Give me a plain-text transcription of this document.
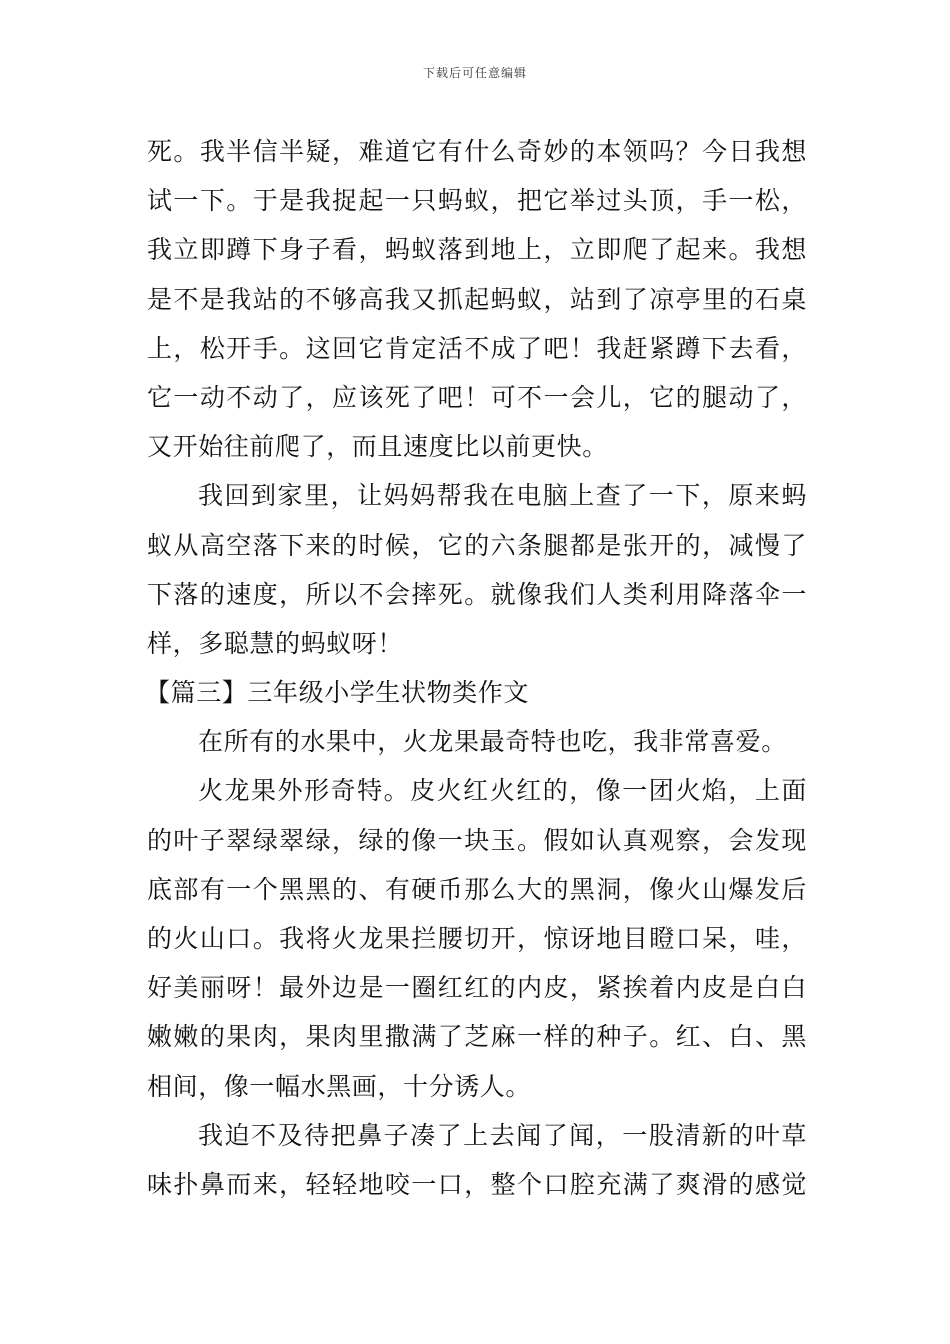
下载后可任意编辑
死。我半信半疑，难道它有什么奇妙的本领吗？今日我想
试一下。于是我捉起一只蚂蚁，把它举过头顶，手一松，
我立即蹲下身子看，蚂蚁落到地上，立即爬了起来。我想
是不是我站的不够高我又抓起蚂蚁，站到了凉亭里的石桌
上，松开手。这回它肯定活不成了吧！我赶紧蹲下去看，
它一动不动了，应该死了吧！可不一会儿，它的腿动了，
又开始往前爬了，而且速度比以前更快。
我回到家里，让妈妈帮我在电脑上查了一下，原来蚂
蚁从高空落下来的时候，它的六条腿都是张开的，减慢了
下落的速度，所以不会摔死。就像我们人类利用降落伞一
样，多聪慧的蚂蚁呀！
【篇三】三年级小学生状物类作文
在所有的水果中，火龙果最奇特也吃，我非常喜爱。
火龙果外形奇特。皮火红火红的，像一团火焰，上面
的叶子翠绿翠绿，绿的像一块玉。假如认真观察，会发现
底部有一个黑黑的、有硬币那么大的黑洞，像火山爆发后
的火山口。我将火龙果拦腰切开，惊讶地目瞪口呆，哇，
好美丽呀！最外边是一圈红红的内皮，紧挨着内皮是白白
嫩嫩的果肉，果肉里撒满了芝麻一样的种子。红、白、黑
相间，像一幅水黑画，十分诱人。
我迫不及待把鼻子凑了上去闻了闻，一股清新的叶草
味扑鼻而来，轻轻地咬一口，整个口腔充满了爽滑的感觉
